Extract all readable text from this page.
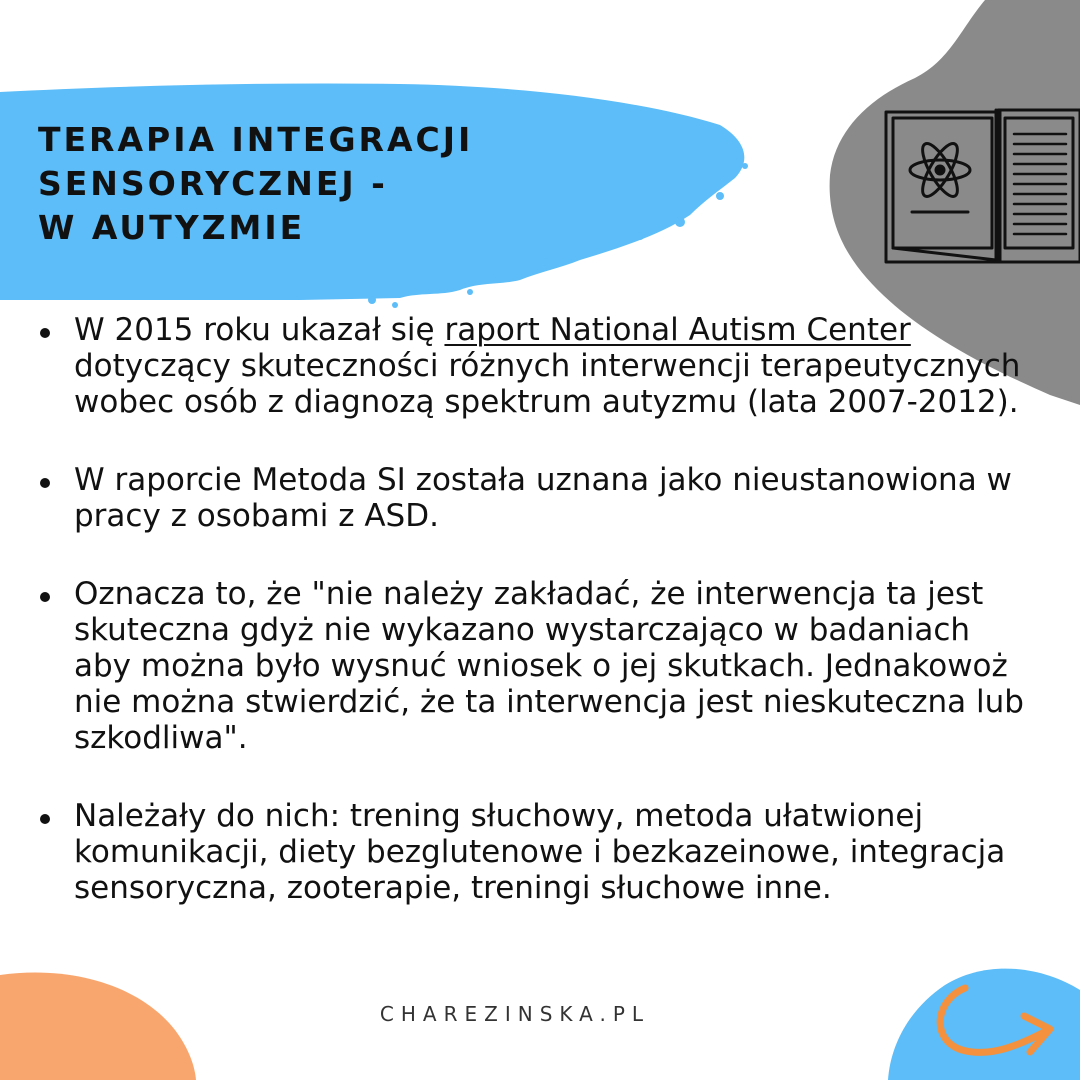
TERAPIA INTEGRACJI
SENSORYCZNEJ -
W AUTYZMIE
W 2015 roku ukazał się raport National Autism Center dotyczący skuteczności różnych interwencji terapeutycznych wobec osób z diagnozą spektrum autyzmu (lata 2007-2012).
W raporcie Metoda SI została uznana jako nieustanowiona w pracy z osobami z ASD.
Oznacza to, że "nie należy zakładać, że interwencja ta jest skuteczna gdyż nie wykazano wystarczająco w badaniach aby można było wysnuć wniosek o jej skutkach. Jednakowoż nie można stwierdzić, że ta interwencja jest nieskuteczna lub szkodliwa".
Należały do nich: trening słuchowy, metoda ułatwionej komunikacji, diety bezglutenowe i bezkazeinowe, integracja sensoryczna, zooterapie, treningi słuchowe inne.
CHAREZINSKA.PL
